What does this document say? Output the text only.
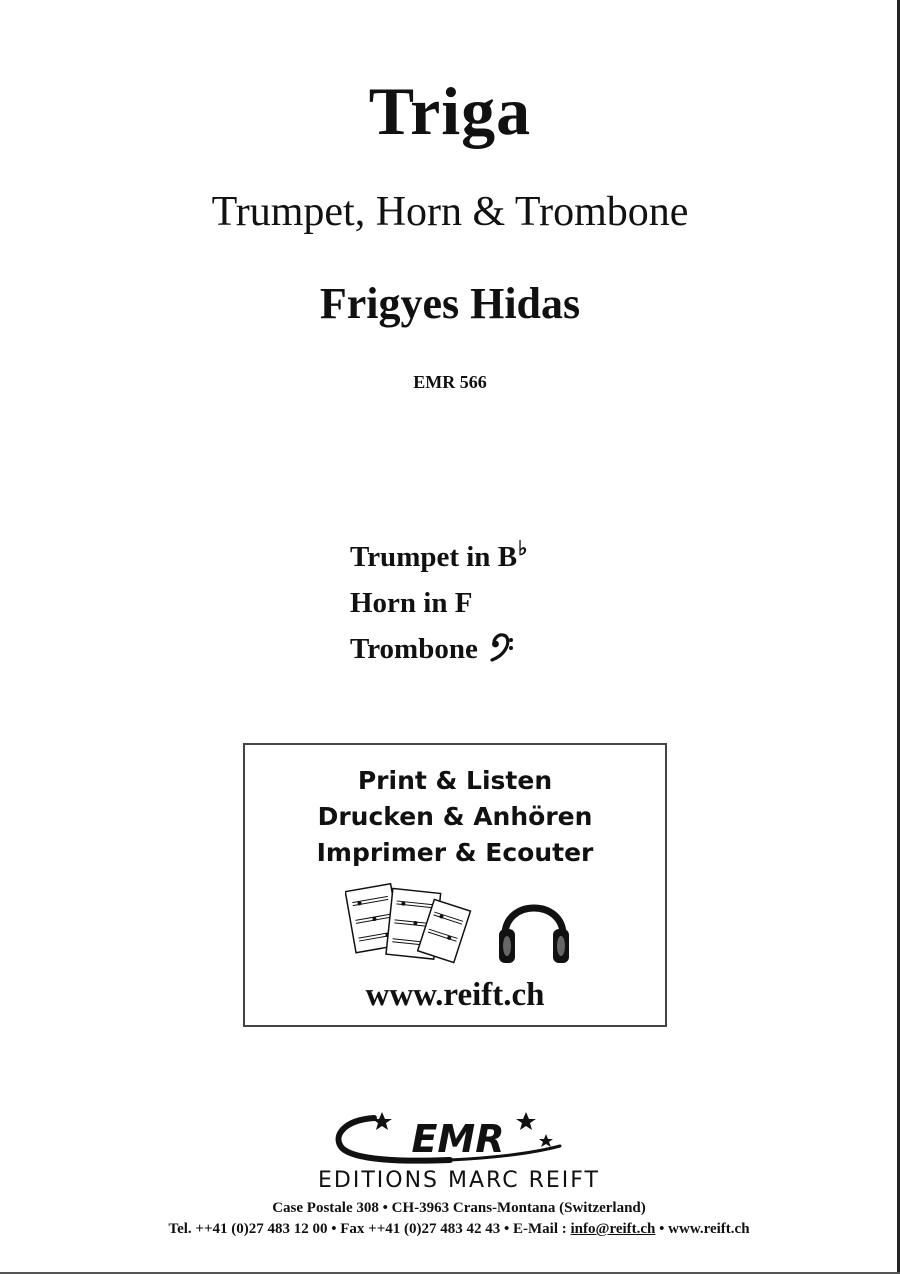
Triga
Trumpet, Horn & Trombone
Frigyes Hidas
EMR 566
Trumpet in B♭
Horn in F
Trombone
Print & Listen
Drucken & Anhören
Imprimer & Ecouter
www.reift.ch
EMR
EDITIONS MARC REIFT
Case Postale 308 • CH-3963 Crans-Montana (Switzerland)
Tel. ++41 (0)27 483 12 00 • Fax ++41 (0)27 483 42 43 • E-Mail : info@reift.ch • www.reift.ch
